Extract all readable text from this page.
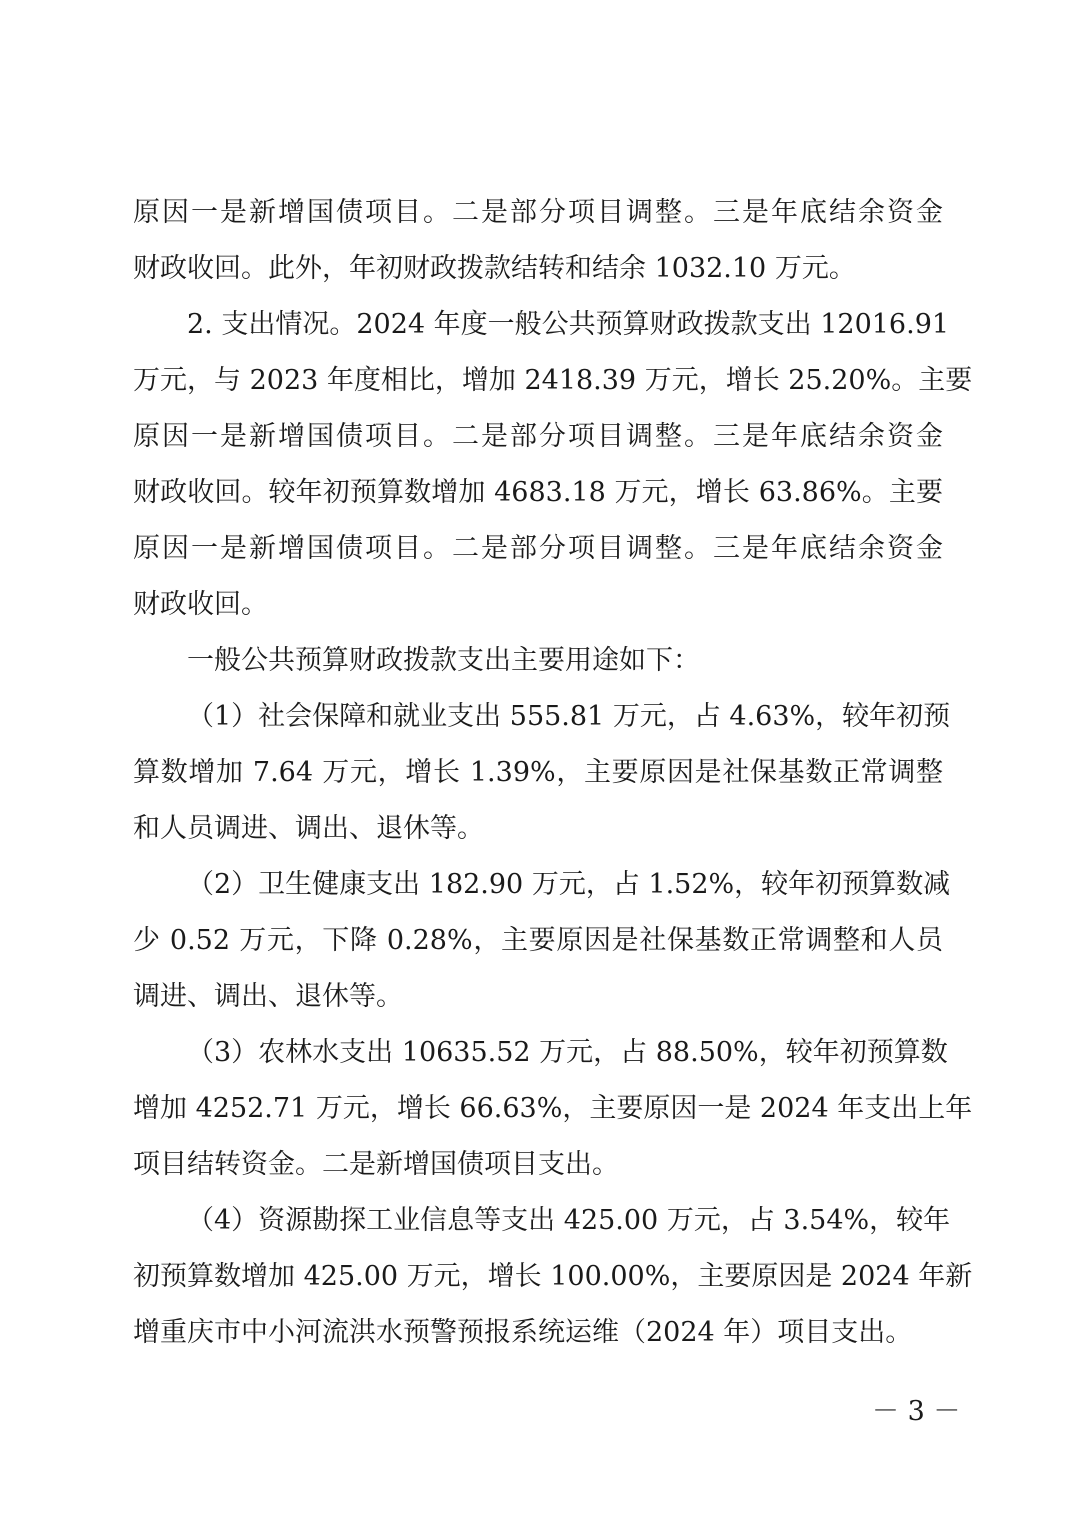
原因一是新增国债项目。二是部分项目调整。三是年底结余资金
财政收回。此外，年初财政拨款结转和结余 1032.10 万元。
2. 支出情况。2024 年度一般公共预算财政拨款支出 12016.91
万元，与 2023 年度相比，增加 2418.39 万元，增长 25.20%。主要
原因一是新增国债项目。二是部分项目调整。三是年底结余资金
财政收回。较年初预算数增加 4683.18 万元，增长 63.86%。主要
原因一是新增国债项目。二是部分项目调整。三是年底结余资金
财政收回。
一般公共预算财政拨款支出主要用途如下：
（1）社会保障和就业支出 555.81 万元，占 4.63%，较年初预
算数增加 7.64 万元，增长 1.39%，主要原因是社保基数正常调整
和人员调进、调出、退休等。
（2）卫生健康支出 182.90 万元，占 1.52%，较年初预算数减
少 0.52 万元，下降 0.28%，主要原因是社保基数正常调整和人员
调进、调出、退休等。
（3）农林水支出 10635.52 万元，占 88.50%，较年初预算数
增加 4252.71 万元，增长 66.63%，主要原因一是 2024 年支出上年
项目结转资金。二是新增国债项目支出。
（4）资源勘探工业信息等支出 425.00 万元，占 3.54%，较年
初预算数增加 425.00 万元，增长 100.00%，主要原因是 2024 年新
增重庆市中小河流洪水预警预报系统运维（2024 年）项目支出。
－ 3 －
